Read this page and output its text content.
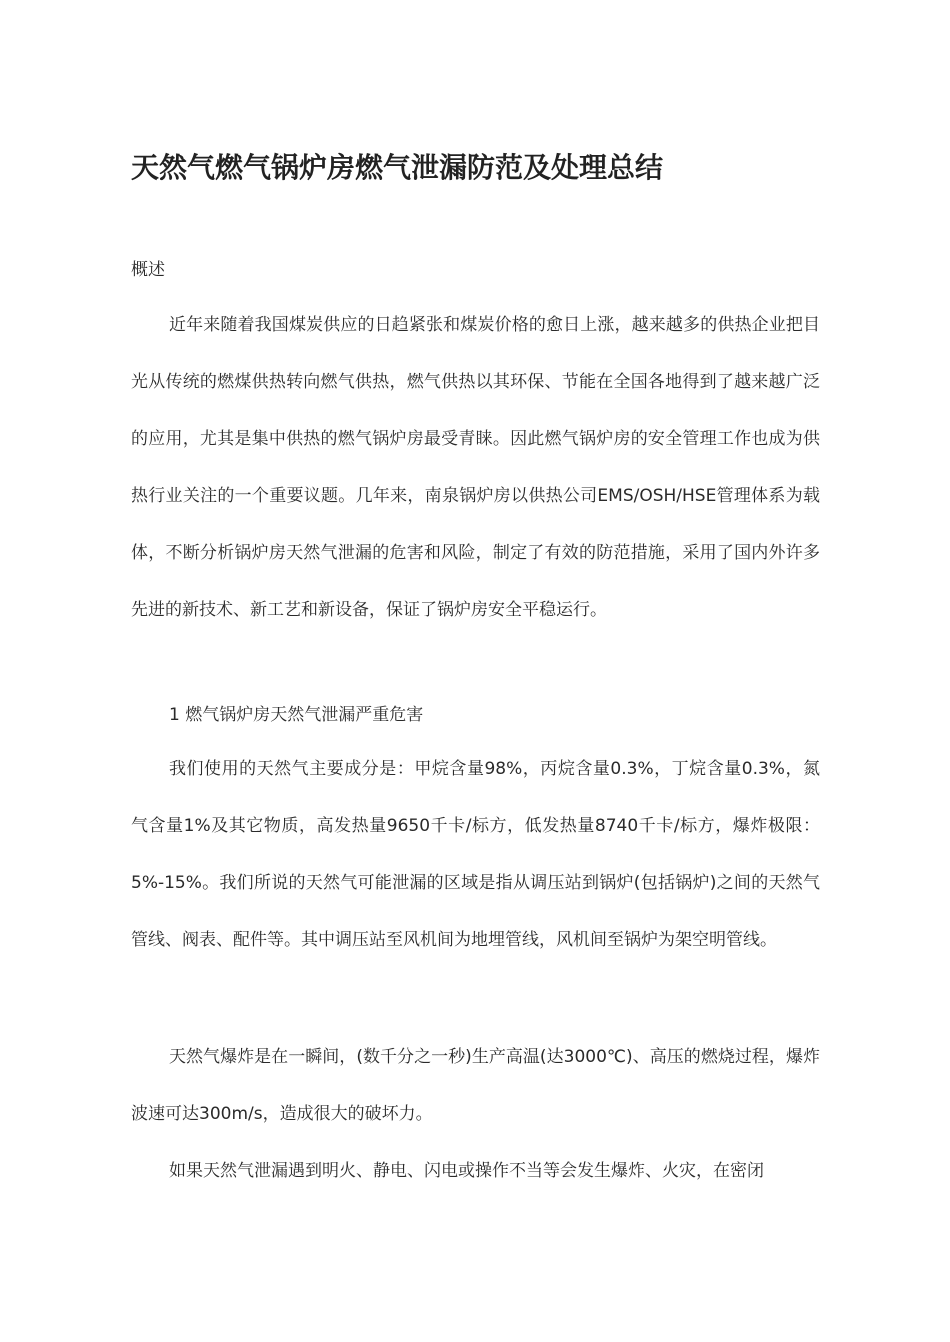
天然气燃气锅炉房燃气泄漏防范及处理总结

概述

近年来随着我国煤炭供应的日趋紧张和煤炭价格的愈日上涨，越来越多的供热企业把目光从传统的燃煤供热转向燃气供热，燃气供热以其环保、节能在全国各地得到了越来越广泛的应用，尤其是集中供热的燃气锅炉房最受青睐。因此燃气锅炉房的安全管理工作也成为供热行业关注的一个重要议题。几年来，南泉锅炉房以供热公司EMS/OSH/HSE管理体系为载体，不断分析锅炉房天然气泄漏的危害和风险，制定了有效的防范措施，采用了国内外许多先进的新技术、新工艺和新设备，保证了锅炉房安全平稳运行。

1 燃气锅炉房天然气泄漏严重危害

我们使用的天然气主要成分是：甲烷含量98%，丙烷含量0.3%，丁烷含量0.3%，氮气含量1%及其它物质，高发热量9650千卡/标方，低发热量8740千卡/标方，爆炸极限：5%-15%。我们所说的天然气可能泄漏的区域是指从调压站到锅炉(包括锅炉)之间的天然气管线、阀表、配件等。其中调压站至风机间为地埋管线，风机间至锅炉为架空明管线。

天然气爆炸是在一瞬间，(数千分之一秒)生产高温(达3000℃)、高压的燃烧过程，爆炸波速可达300m/s，造成很大的破坏力。

如果天然气泄漏遇到明火、静电、闪电或操作不当等会发生爆炸、火灾，在密闭
